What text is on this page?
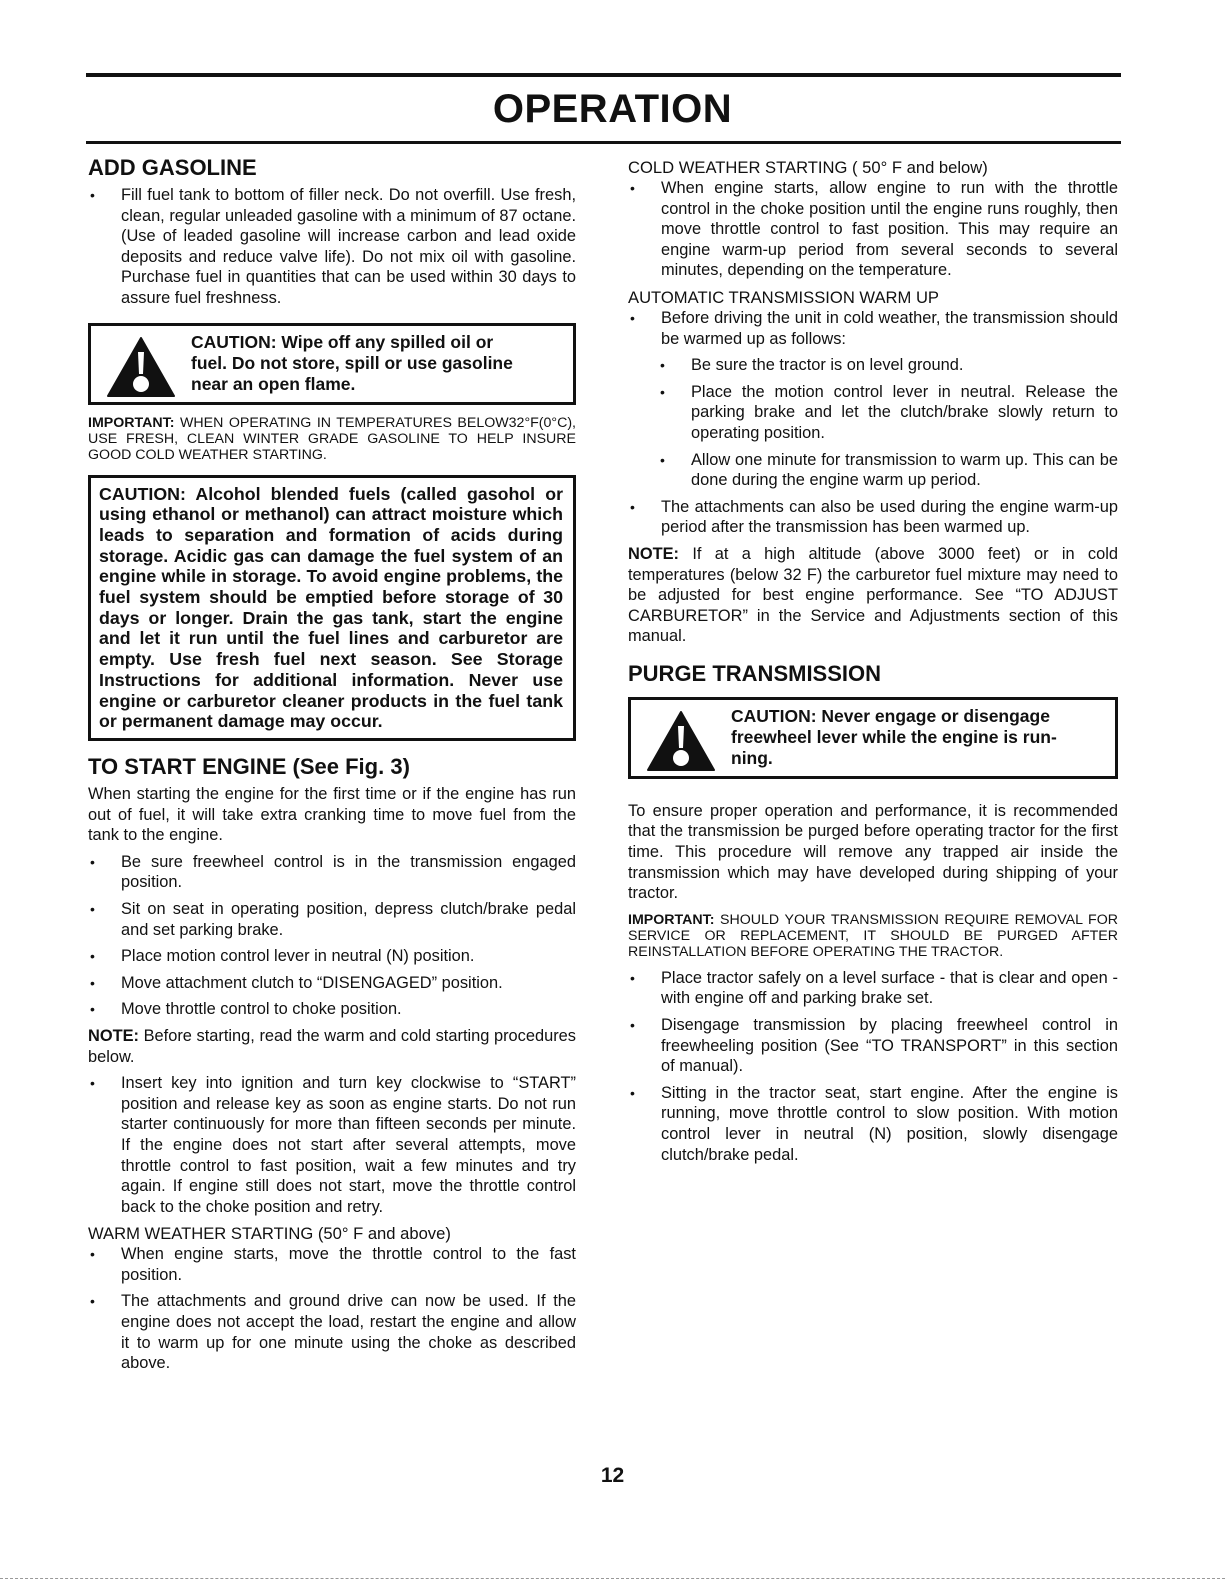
OPERATION
ADD GASOLINE
• Fill fuel tank to bottom of filler neck. Do not overfill. Use fresh, clean, regular unleaded gasoline with a minimum of 87 octane. (Use of leaded gasoline will increase carbon and lead oxide deposits and reduce valve life). Do not mix oil with gasoline. Purchase fuel in quantities that can be used within 30 days to assure fuel freshness.
CAUTION: Wipe off any spilled oil or
fuel. Do not store, spill or use gasoline
near an open flame.

IMPORTANT: WHEN OPERATING IN TEMPERATURES BELOW32°F(0°C), USE FRESH, CLEAN WINTER GRADE GASOLINE TO HELP INSURE GOOD COLD WEATHER STARTING.

CAUTION: Alcohol blended fuels (called gasohol or using ethanol or methanol) can attract moisture which leads to separation and formation of acids during storage. Acidic gas can damage the fuel system of an engine while in storage. To avoid engine problems, the fuel system should be emptied before storage of 30 days or longer. Drain the gas tank, start the engine and let it run until the fuel lines and carburetor are empty. Use fresh fuel next season. See Storage Instructions for additional information. Never use engine or carburetor cleaner products in the fuel tank or permanent damage may occur.
TO START ENGINE (See Fig. 3)

When starting the engine for the first time or if the engine has run out of fuel, it will take extra cranking time to move fuel from the tank to the engine.

• Be sure freewheel control is in the transmission engaged position.
• Sit on seat in operating position, depress clutch/brake pedal and set parking brake.
• Place motion control lever in neutral (N) position.
• Move attachment clutch to “DISENGAGED” position.
• Move throttle control to choke position.

NOTE: Before starting, read the warm and cold starting procedures below.

• Insert key into ignition and turn key clockwise to “START” position and release key as soon as engine starts. Do not run starter continuously for more than fifteen seconds per minute. If the engine does not start after several attempts, move throttle control to fast position, wait a few minutes and try again. If engine still does not start, move the throttle control back to the choke position and retry.
WARM WEATHER STARTING (50° F and above)
• When engine starts, move the throttle control to the fast position.
• The attachments and ground drive can now be used. If the engine does not accept the load, restart the engine and allow it to warm up for one minute using the choke as described above.
COLD WEATHER STARTING ( 50° F and below)
• When engine starts, allow engine to run with the throttle control in the choke position until the engine runs roughly, then move throttle control to fast position. This may require an engine warm-up period from several seconds to several minutes, depending on the temperature.
AUTOMATIC TRANSMISSION WARM UP
• Before driving the unit in cold weather, the transmission should be warmed up as follows:
• Be sure the tractor is on level ground.
• Place the motion control lever in neutral. Release the parking brake and let the clutch/brake slowly return to operating position.
• Allow one minute for transmission to warm up. This can be done during the engine warm up period.
• The attachments can also be used during the engine warm-up period after the transmission has been warmed up.

NOTE: If at a high altitude (above 3000 feet) or in cold temperatures (below 32 F) the carburetor fuel mixture may need to be adjusted for best engine performance. See “TO ADJUST CARBURETOR” in the Service and Adjustments section of this manual.

PURGE TRANSMISSION
CAUTION: Never engage or disengage
freewheel lever while the engine is run-
ning.

To ensure proper operation and performance, it is recommended that the transmission be purged before operating tractor for the first time. This procedure will remove any trapped air inside the transmission which may have developed during shipping of your tractor.

IMPORTANT: SHOULD YOUR TRANSMISSION REQUIRE REMOVAL FOR SERVICE OR REPLACEMENT, IT SHOULD BE PURGED AFTER REINSTALLATION BEFORE OPERATING THE TRACTOR.

• Place tractor safely on a level surface - that is clear and open - with engine off and parking brake set.
• Disengage transmission by placing freewheel control in freewheeling position (See “TO TRANSPORT” in this section of manual).
• Sitting in the tractor seat, start engine. After the engine is running, move throttle control to slow position. With motion control lever in neutral (N) position, slowly disengage clutch/brake pedal.
12
